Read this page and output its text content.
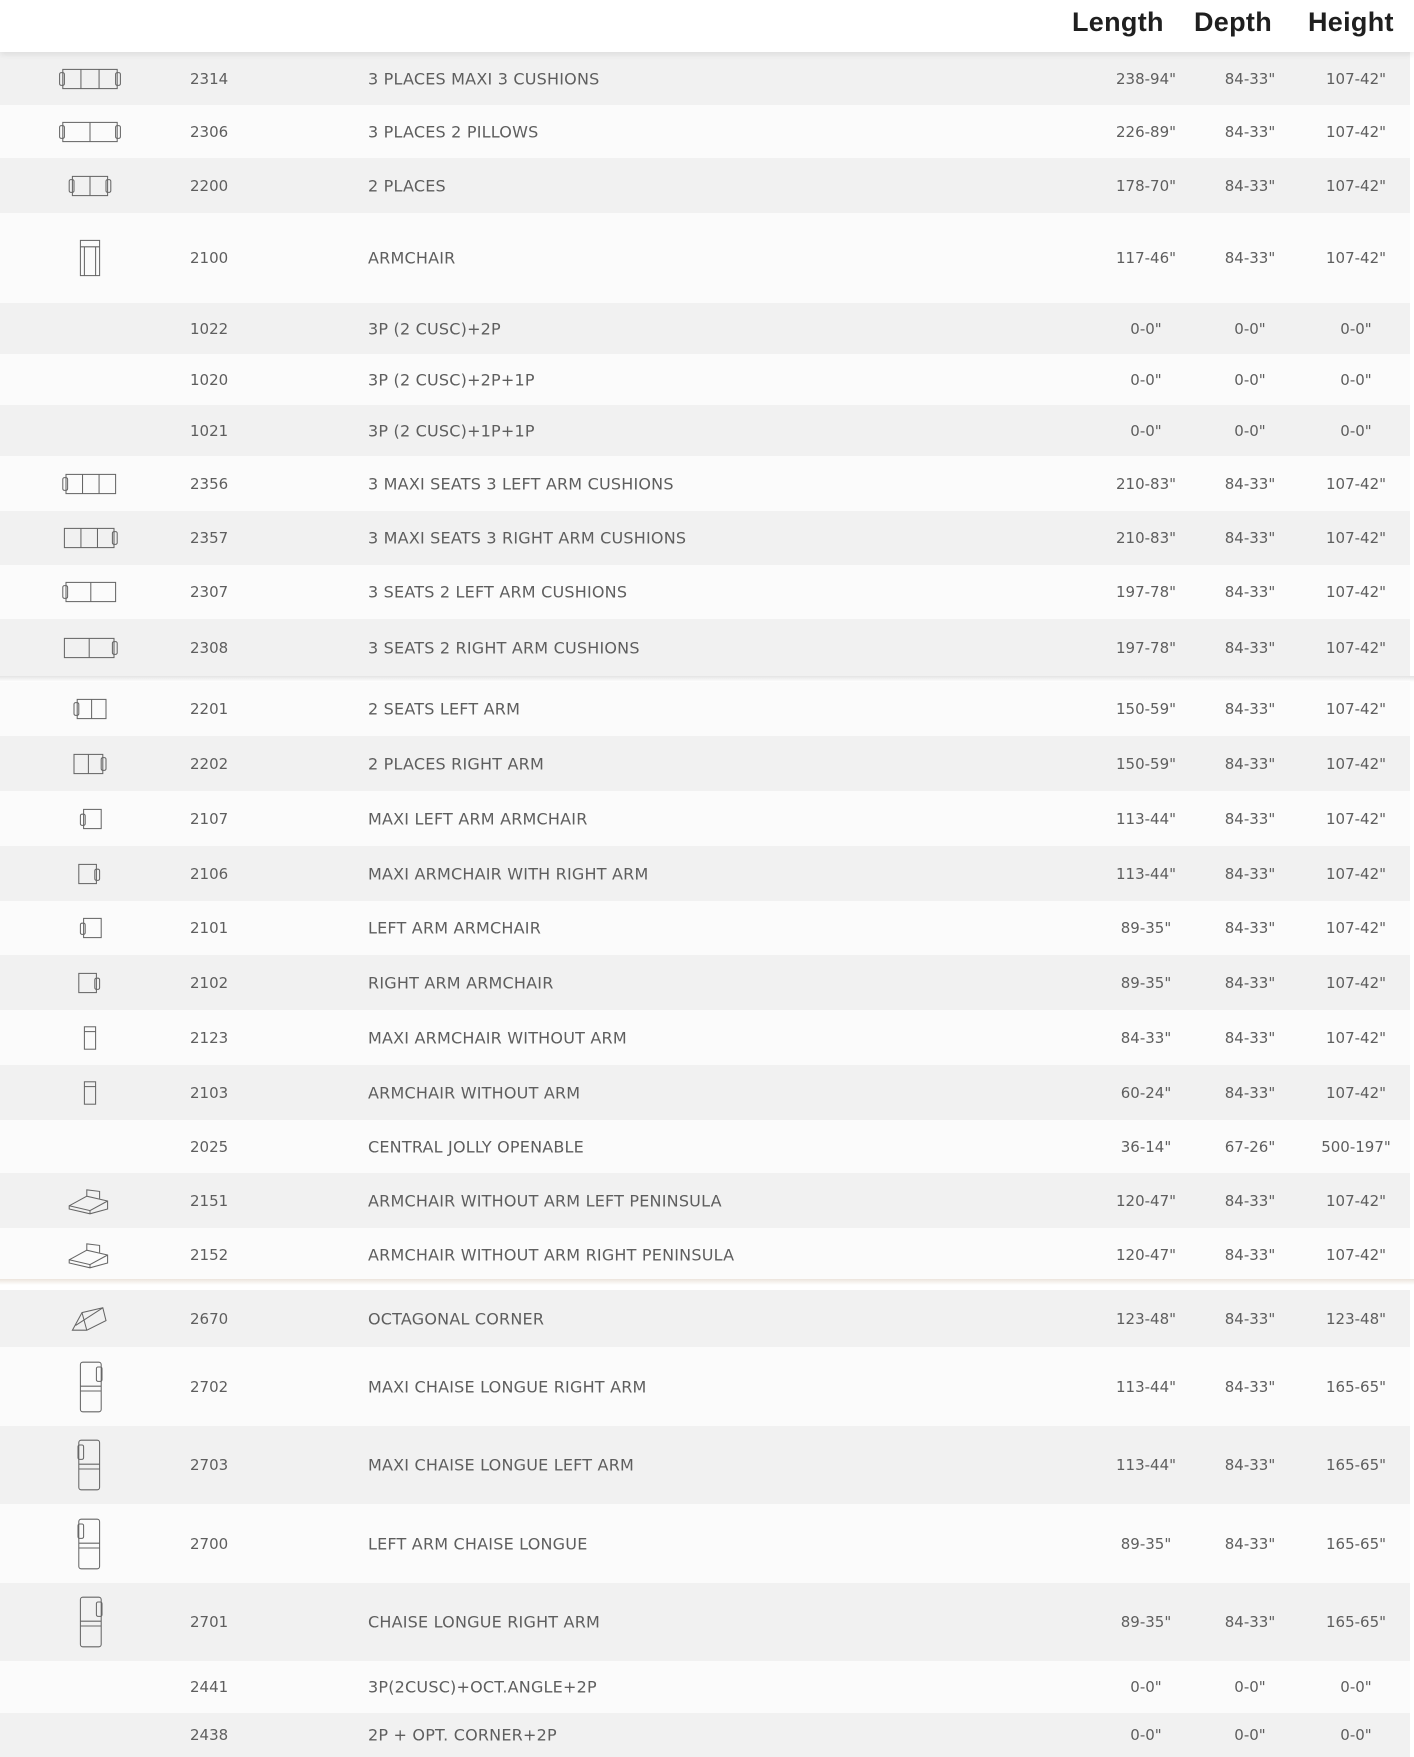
Length Depth Height
2314	3 PLACES MAXI 3 CUSHIONS	238-94"	84-33"	107-42"
2306	3 PLACES 2 PILLOWS	226-89"	84-33"	107-42"
2200	2 PLACES	178-70"	84-33"	107-42"
2100	ARMCHAIR	117-46"	84-33"	107-42"
1022	3P (2 CUSC)+2P	0-0"	0-0"	0-0"
1020	3P (2 CUSC)+2P+1P	0-0"	0-0"	0-0"
1021	3P (2 CUSC)+1P+1P	0-0"	0-0"	0-0"
2356	3 MAXI SEATS 3 LEFT ARM CUSHIONS	210-83"	84-33"	107-42"
2357	3 MAXI SEATS 3 RIGHT ARM CUSHIONS	210-83"	84-33"	107-42"
2307	3 SEATS 2 LEFT ARM CUSHIONS	197-78"	84-33"	107-42"
2308	3 SEATS 2 RIGHT ARM CUSHIONS	197-78"	84-33"	107-42"
2201	2 SEATS LEFT ARM	150-59"	84-33"	107-42"
2202	2 PLACES RIGHT ARM	150-59"	84-33"	107-42"
2107	MAXI LEFT ARM ARMCHAIR	113-44"	84-33"	107-42"
2106	MAXI ARMCHAIR WITH RIGHT ARM	113-44"	84-33"	107-42"
2101	LEFT ARM ARMCHAIR	89-35"	84-33"	107-42"
2102	RIGHT ARM ARMCHAIR	89-35"	84-33"	107-42"
2123	MAXI ARMCHAIR WITHOUT ARM	84-33"	84-33"	107-42"
2103	ARMCHAIR WITHOUT ARM	60-24"	84-33"	107-42"
2025	CENTRAL JOLLY OPENABLE	36-14"	67-26"	500-197"
2151	ARMCHAIR WITHOUT ARM LEFT PENINSULA	120-47"	84-33"	107-42"
2152	ARMCHAIR WITHOUT ARM RIGHT PENINSULA	120-47"	84-33"	107-42"
2670	OCTAGONAL CORNER	123-48"	84-33"	123-48"
2702	MAXI CHAISE LONGUE RIGHT ARM	113-44"	84-33"	165-65"
2703	MAXI CHAISE LONGUE LEFT ARM	113-44"	84-33"	165-65"
2700	LEFT ARM CHAISE LONGUE	89-35"	84-33"	165-65"
2701	CHAISE LONGUE RIGHT ARM	89-35"	84-33"	165-65"
2441	3P(2CUSC)+OCT.ANGLE+2P	0-0"	0-0"	0-0"
2438	2P + OPT. CORNER+2P	0-0"	0-0"	0-0"
